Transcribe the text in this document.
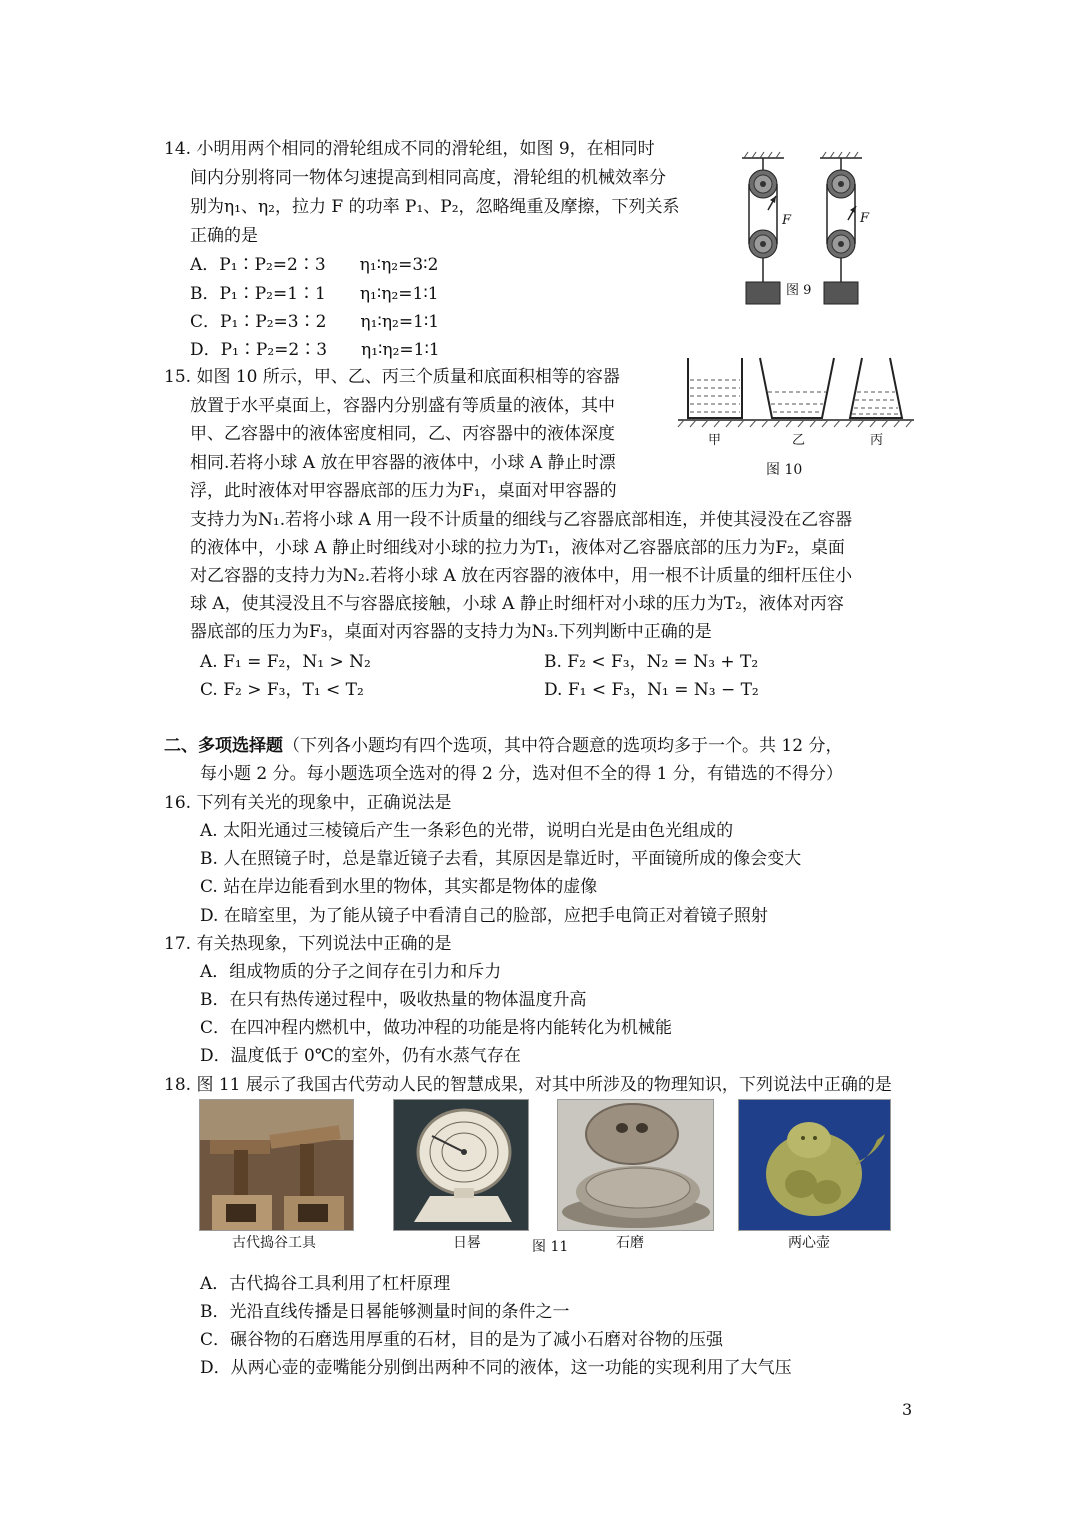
14. 小明用两个相同的滑轮组成不同的滑轮组，如图 9，在相同时
间内分别将同一物体匀速提高到相同高度，滑轮组的机械效率分
别为η₁、η₂，拉力 F 的功率 P₁、P₂，忽略绳重及摩擦，下列关系
正确的是
A．P₁∶P₂=2∶3　　η₁∶η₂=3∶2
B．P₁∶P₂=1∶1　　η₁∶η₂=1∶1
C．P₁∶P₂=3∶2　　η₁∶η₂=1∶1
D．P₁∶P₂=2∶3　　η₁∶η₂=1∶1
F	F
图 9
15. 如图 10 所示，甲、乙、丙三个质量和底面积相等的容器
放置于水平桌面上，容器内分别盛有等质量的液体，其中
甲、乙容器中的液体密度相同，乙、丙容器中的液体深度
相同.若将小球 A 放在甲容器的液体中，小球 A 静止时漂
浮，此时液体对甲容器底部的压力为F₁，桌面对甲容器的
支持力为N₁.若将小球 A 用一段不计质量的细线与乙容器底部相连，并使其浸没在乙容器
的液体中，小球 A 静止时细线对小球的拉力为T₁，液体对乙容器底部的压力为F₂，桌面
对乙容器的支持力为N₂.若将小球 A 放在丙容器的液体中，用一根不计质量的细杆压住小
球 A，使其浸没且不与容器底接触，小球 A 静止时细杆对小球的压力为T₂，液体对丙容
器底部的压力为F₃，桌面对丙容器的支持力为N₃.下列判断中正确的是
A. F₁ = F₂，N₁ > N₂	B. F₂ < F₃，N₂ = N₃ + T₂
C. F₂ > F₃，T₁ < T₂	D. F₁ < F₃，N₁ = N₃ − T₂
甲	乙	丙
图 10
二、多项选择题（下列各小题均有四个选项，其中符合题意的选项均多于一个。共 12 分，
每小题 2 分。每小题选项全选对的得 2 分，选对但不全的得 1 分，有错选的不得分）
16. 下列有关光的现象中，正确说法是
A. 太阳光通过三棱镜后产生一条彩色的光带，说明白光是由色光组成的
B. 人在照镜子时，总是靠近镜子去看，其原因是靠近时，平面镜所成的像会变大
C. 站在岸边能看到水里的物体，其实都是物体的虚像
D. 在暗室里，为了能从镜子中看清自己的脸部，应把手电筒正对着镜子照射
17. 有关热现象，下列说法中正确的是
A．组成物质的分子之间存在引力和斥力
B．在只有热传递过程中，吸收热量的物体温度升高
C．在四冲程内燃机中，做功冲程的功能是将内能转化为机械能
D．温度低于 0℃的室外，仍有水蒸气存在
18. 图 11 展示了我国古代劳动人民的智慧成果，对其中所涉及的物理知识，下列说法中正确的是
古代捣谷工具	日晷	图 11	石磨	两心壶
A．古代捣谷工具利用了杠杆原理
B．光沿直线传播是日晷能够测量时间的条件之一
C．碾谷物的石磨选用厚重的石材，目的是为了减小石磨对谷物的压强
D．从两心壶的壶嘴能分别倒出两种不同的液体，这一功能的实现利用了大气压
3
